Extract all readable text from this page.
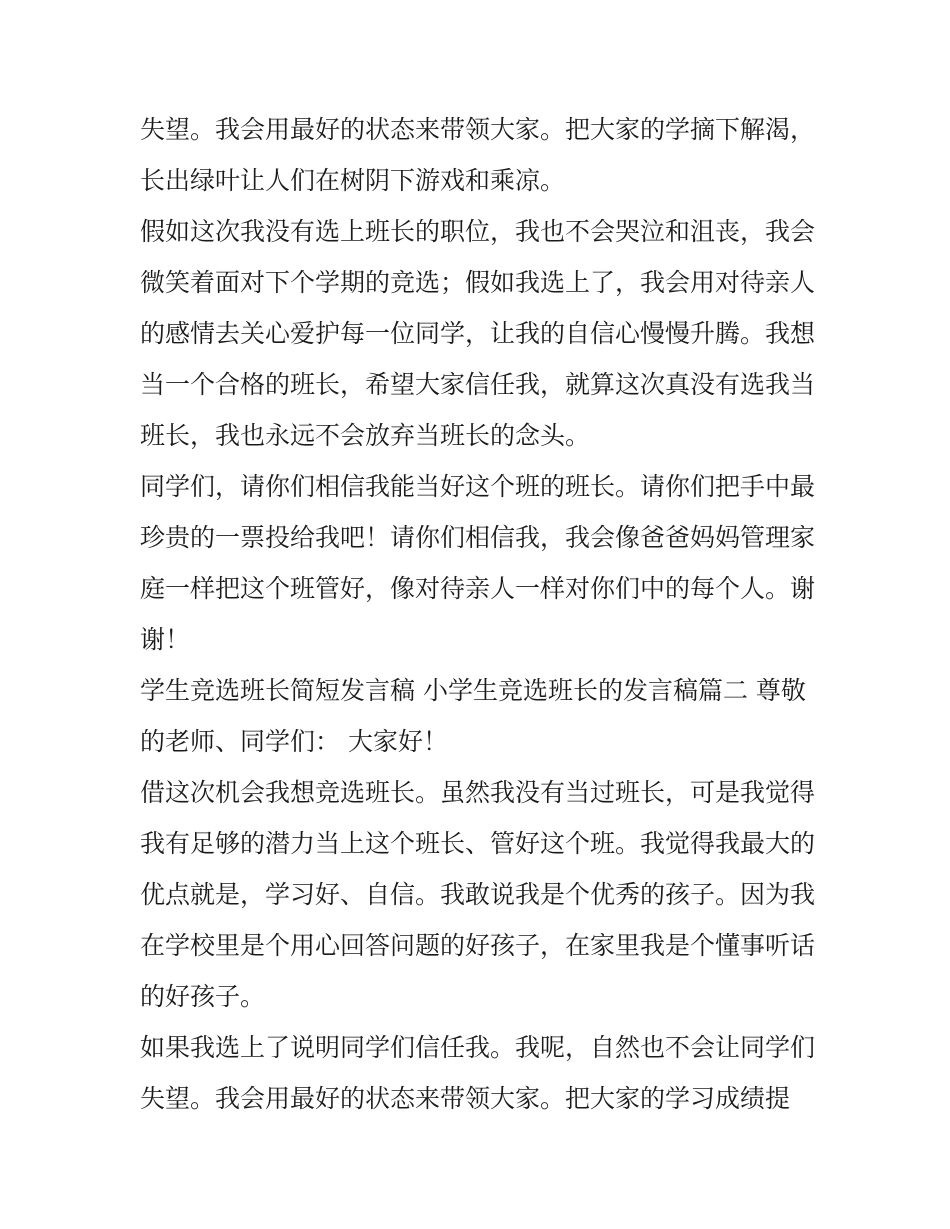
失望。我会用最好的状态来带领大家。把大家的学摘下解渴，
长出绿叶让人们在树阴下游戏和乘凉。
假如这次我没有选上班长的职位，我也不会哭泣和沮丧，我会
微笑着面对下个学期的竞选；假如我选上了，我会用对待亲人
的感情去关心爱护每一位同学，让我的自信心慢慢升腾。我想
当一个合格的班长，希望大家信任我，就算这次真没有选我当
班长，我也永远不会放弃当班长的念头。
同学们，请你们相信我能当好这个班的班长。请你们把手中最
珍贵的一票投给我吧！请你们相信我，我会像爸爸妈妈管理家
庭一样把这个班管好，像对待亲人一样对你们中的每个人。谢
谢！
学生竞选班长简短发言稿 小学生竞选班长的发言稿篇二 尊敬
的老师、同学们： 大家好！
借这次机会我想竞选班长。虽然我没有当过班长，可是我觉得
我有足够的潜力当上这个班长、管好这个班。我觉得我最大的
优点就是，学习好、自信。我敢说我是个优秀的孩子。因为我
在学校里是个用心回答问题的好孩子，在家里我是个懂事听话
的好孩子。
如果我选上了说明同学们信任我。我呢，自然也不会让同学们
失望。我会用最好的状态来带领大家。把大家的学习成绩提
